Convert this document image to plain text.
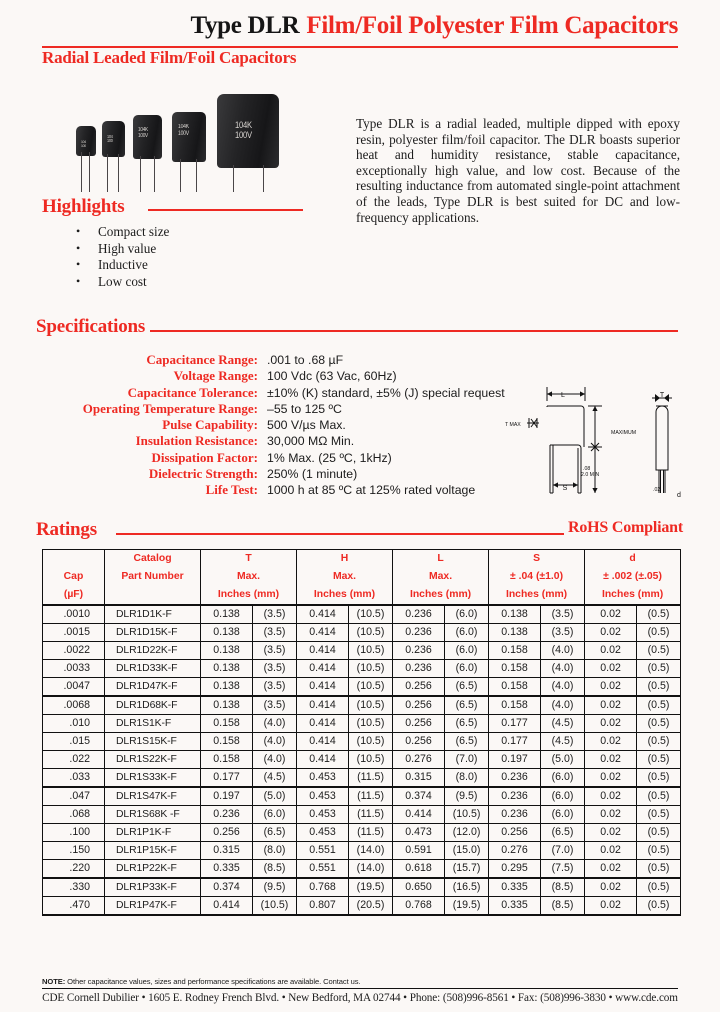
Type DLR Film/Foil Polyester Film Capacitors
Radial Leaded Film/Foil Capacitors
104
100
104
100
104K
100V
104K
100V
104K
100V
Type DLR is a radial leaded, multiple dipped with epoxy resin, polyester film/foil capacitor. The DLR boasts superior heat and humidity resistance, stable capacitance, exceptionally high value, and low cost. Because of the resulting inductance from automated single-point attachment of the leads, Type DLR is best suited for DC and low-frequency applications.
Highlights
• Compact size
• High value
• Inductive
• Low cost
Specifications
Capacitance Range:	.001 to .68 µF
Voltage Range:	100 Vdc (63 Vac, 60Hz)
Capacitance Tolerance:	±10% (K) standard, ±5% (J) special request
Operating Temperature Range:	–55 to 125 ºC
Pulse Capability:	500 V/µs Max.
Insulation Resistance:	30,000 MΩ Min.
Dissipation Factor:	1% Max. (25 ºC, 1kHz)
Dielectric Strength:	250% (1 minute)
Life Test:	1000 h at 85 ºC at 125% rated voltage
L
S
T
d
T MAX
MAXIMUM
.08
2.0 MIN
.02
Ratings	RoHS Compliant
	Catalog	T		H		L		S		d	
Cap	Part Number	Max.		Max.		Max.		± .04 (±1.0)		± .002 (±.05)	
(µF)		Inches (mm)		Inches (mm)		Inches (mm)		Inches (mm)		Inches (mm)	
.0010	DLR1D1K-F	0.138	(3.5)	0.414	(10.5)	0.236	(6.0)	0.138	(3.5)	0.02	(0.5)
.0015	DLR1D15K-F	0.138	(3.5)	0.414	(10.5)	0.236	(6.0)	0.138	(3.5)	0.02	(0.5)
.0022	DLR1D22K-F	0.138	(3.5)	0.414	(10.5)	0.236	(6.0)	0.158	(4.0)	0.02	(0.5)
.0033	DLR1D33K-F	0.138	(3.5)	0.414	(10.5)	0.236	(6.0)	0.158	(4.0)	0.02	(0.5)
.0047	DLR1D47K-F	0.138	(3.5)	0.414	(10.5)	0.256	(6.5)	0.158	(4.0)	0.02	(0.5)
.0068	DLR1D68K-F	0.138	(3.5)	0.414	(10.5)	0.256	(6.5)	0.158	(4.0)	0.02	(0.5)
.010	DLR1S1K-F	0.158	(4.0)	0.414	(10.5)	0.256	(6.5)	0.177	(4.5)	0.02	(0.5)
.015	DLR1S15K-F	0.158	(4.0)	0.414	(10.5)	0.256	(6.5)	0.177	(4.5)	0.02	(0.5)
.022	DLR1S22K-F	0.158	(4.0)	0.414	(10.5)	0.276	(7.0)	0.197	(5.0)	0.02	(0.5)
.033	DLR1S33K-F	0.177	(4.5)	0.453	(11.5)	0.315	(8.0)	0.236	(6.0)	0.02	(0.5)
.047	DLR1S47K-F	0.197	(5.0)	0.453	(11.5)	0.374	(9.5)	0.236	(6.0)	0.02	(0.5)
.068	DLR1S68K -F	0.236	(6.0)	0.453	(11.5)	0.414	(10.5)	0.236	(6.0)	0.02	(0.5)
.100	DLR1P1K-F	0.256	(6.5)	0.453	(11.5)	0.473	(12.0)	0.256	(6.5)	0.02	(0.5)
.150	DLR1P15K-F	0.315	(8.0)	0.551	(14.0)	0.591	(15.0)	0.276	(7.0)	0.02	(0.5)
.220	DLR1P22K-F	0.335	(8.5)	0.551	(14.0)	0.618	(15.7)	0.295	(7.5)	0.02	(0.5)
.330	DLR1P33K-F	0.374	(9.5)	0.768	(19.5)	0.650	(16.5)	0.335	(8.5)	0.02	(0.5)
.470	DLR1P47K-F	0.414	(10.5)	0.807	(20.5)	0.768	(19.5)	0.335	(8.5)	0.02	(0.5)
NOTE: Other capacitance values, sizes and performance specifications are available. Contact us.
CDE Cornell Dubilier • 1605 E. Rodney French Blvd. • New Bedford, MA 02744 • Phone: (508)996-8561 • Fax: (508)996-3830 • www.cde.com
